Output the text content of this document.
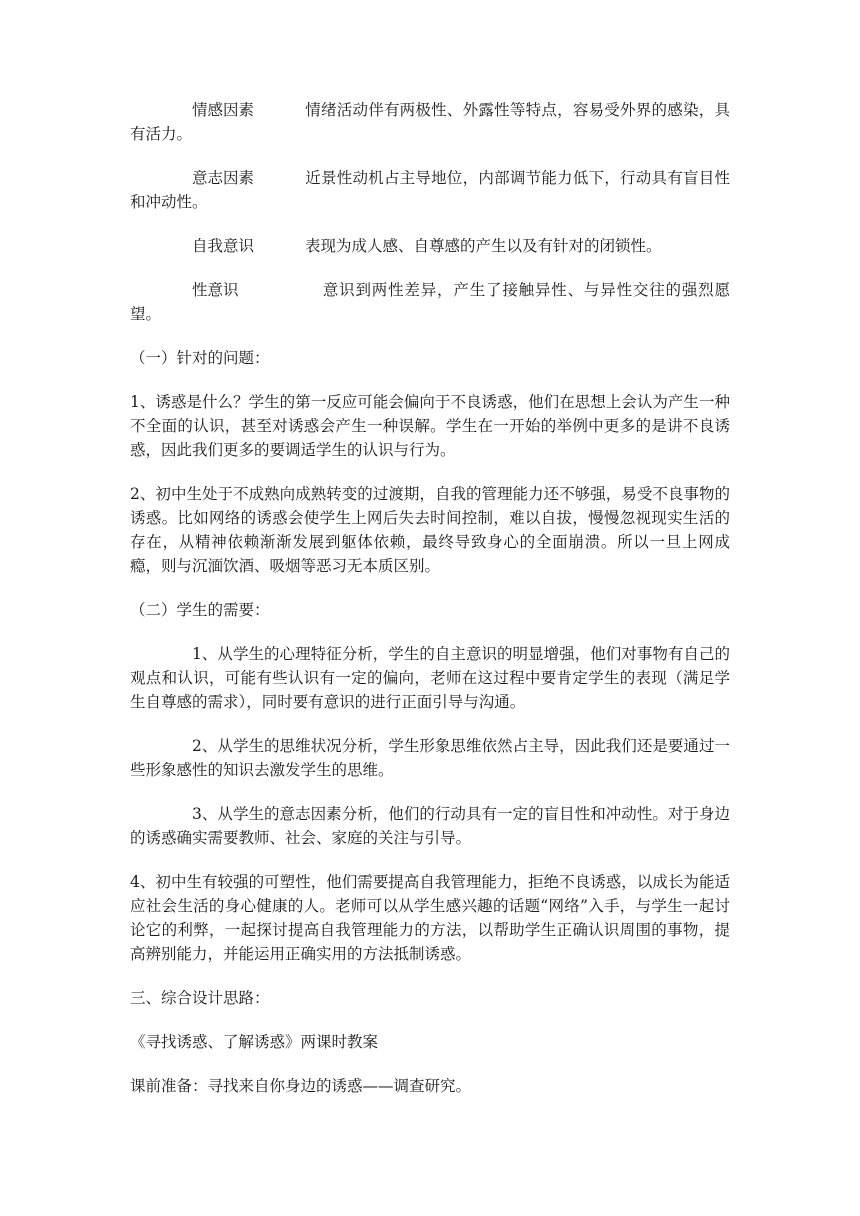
情感因素	情绪活动伴有两极性、外露性等特点，容易受外界的感染，具有活力。

意志因素	近景性动机占主导地位，内部调节能力低下，行动具有盲目性和冲动性。

自我意识	表现为成人感、自尊感的产生以及有针对的闭锁性。

性意识	意识到两性差异，产生了接触异性、与异性交往的强烈愿望。

（一）针对的问题：

1、诱惑是什么？学生的第一反应可能会偏向于不良诱惑，他们在思想上会认为产生一种不全面的认识，甚至对诱惑会产生一种误解。学生在一开始的举例中更多的是讲不良诱惑，因此我们更多的要调适学生的认识与行为。

2、初中生处于不成熟向成熟转变的过渡期，自我的管理能力还不够强，易受不良事物的诱惑。比如网络的诱惑会使学生上网后失去时间控制，难以自拔，慢慢忽视现实生活的存在，从精神依赖渐渐发展到躯体依赖，最终导致身心的全面崩溃。所以一旦上网成瘾，则与沉湎饮酒、吸烟等恶习无本质区别。

（二）学生的需要：

1、从学生的心理特征分析，学生的自主意识的明显增强，他们对事物有自己的观点和认识，可能有些认识有一定的偏向，老师在这过程中要肯定学生的表现（满足学生自尊感的需求），同时要有意识的进行正面引导与沟通。

2、从学生的思维状况分析，学生形象思维依然占主导，因此我们还是要通过一些形象感性的知识去激发学生的思维。

3、从学生的意志因素分析，他们的行动具有一定的盲目性和冲动性。对于身边的诱惑确实需要教师、社会、家庭的关注与引导。

4、初中生有较强的可塑性，他们需要提高自我管理能力，拒绝不良诱惑，以成长为能适应社会生活的身心健康的人。老师可以从学生感兴趣的话题“网络”入手，与学生一起讨论它的利弊，一起探讨提高自我管理能力的方法，以帮助学生正确认识周围的事物，提高辨别能力，并能运用正确实用的方法抵制诱惑。

三、综合设计思路：

《寻找诱惑、了解诱惑》两课时教案

课前准备：寻找来自你身边的诱惑——调查研究。
